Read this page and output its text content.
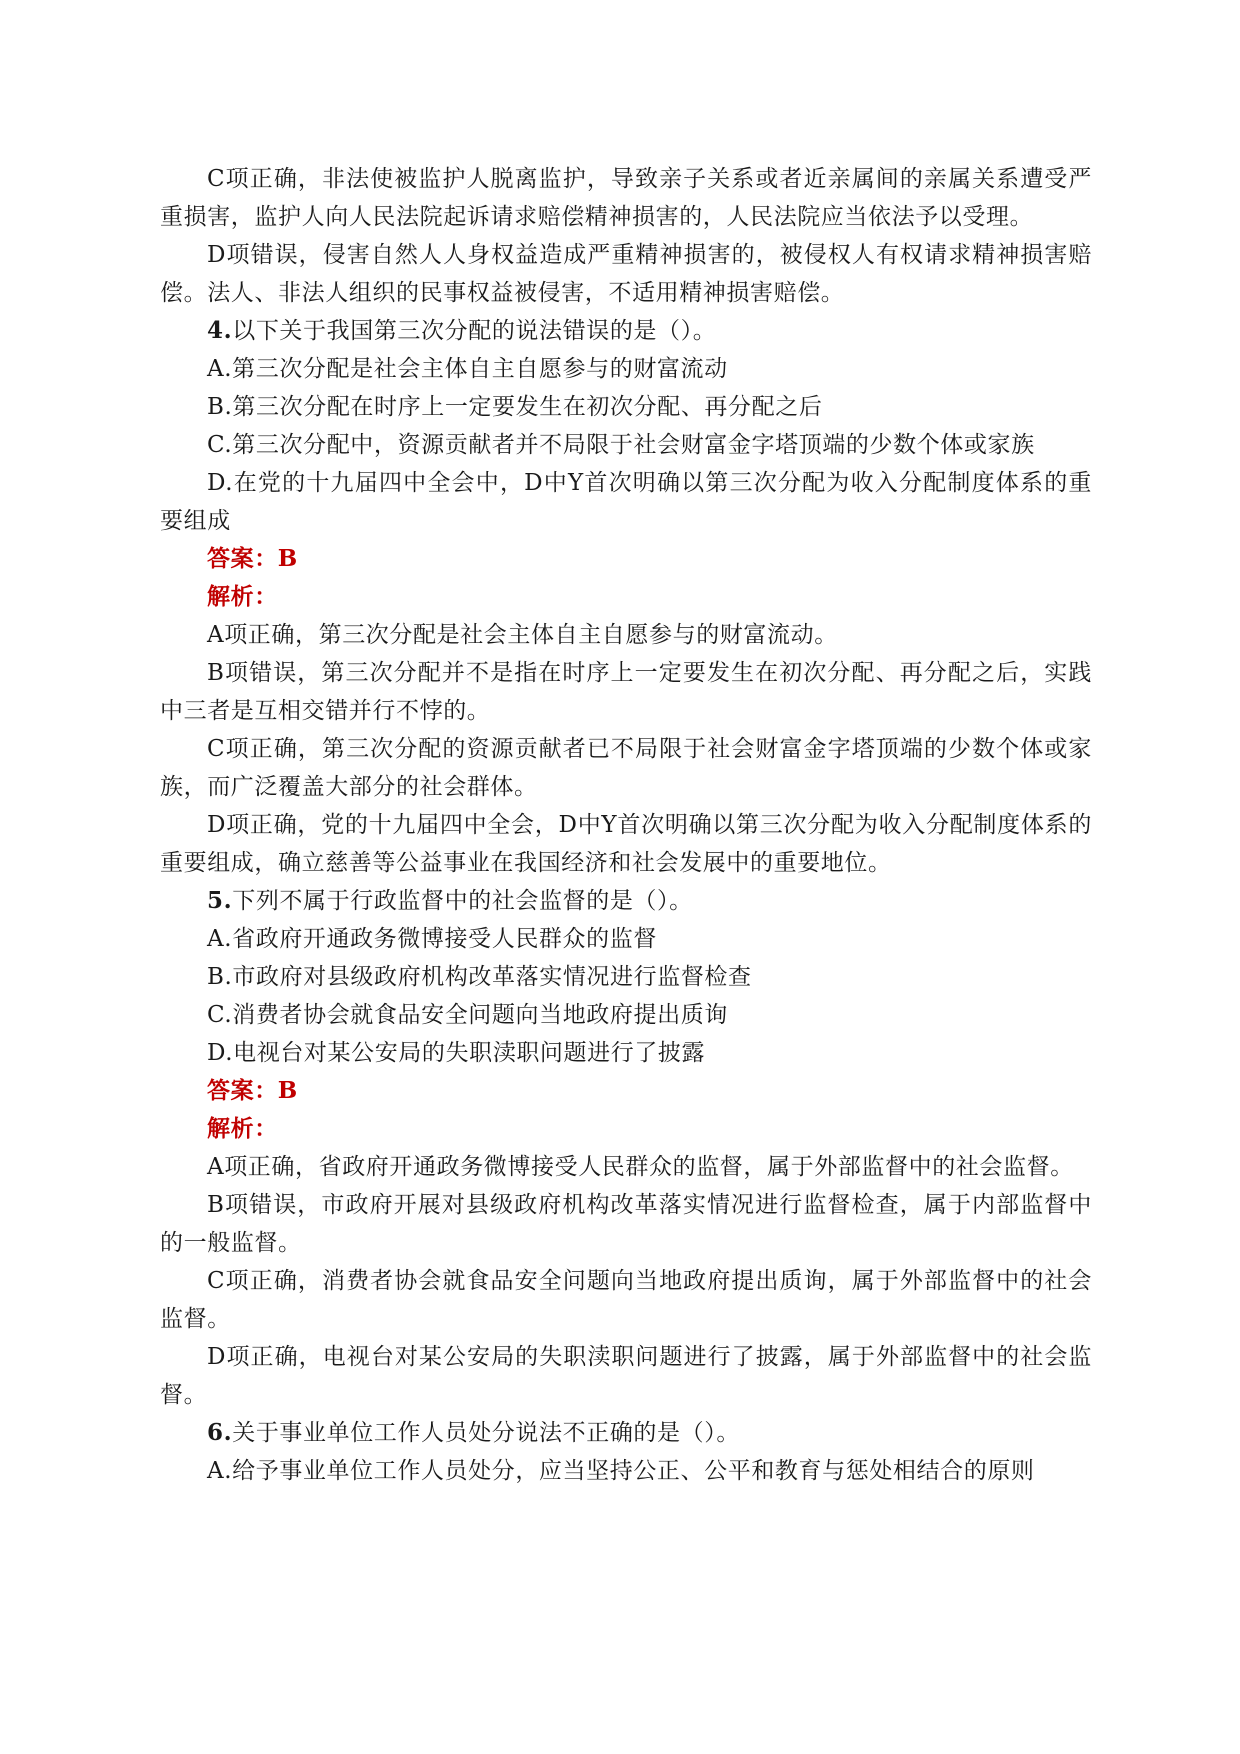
C项正确，非法使被监护人脱离监护，导致亲子关系或者近亲属间的亲属关系遭受严重损害，监护人向人民法院起诉请求赔偿精神损害的，人民法院应当依法予以受理。

D项错误，侵害自然人人身权益造成严重精神损害的，被侵权人有权请求精神损害赔偿。法人、非法人组织的民事权益被侵害，不适用精神损害赔偿。

4.以下关于我国第三次分配的说法错误的是（）。

A.第三次分配是社会主体自主自愿参与的财富流动

B.第三次分配在时序上一定要发生在初次分配、再分配之后

C.第三次分配中，资源贡献者并不局限于社会财富金字塔顶端的少数个体或家族

D.在党的十九届四中全会中，D中Y首次明确以第三次分配为收入分配制度体系的重要组成

答案：B

解析：

A项正确，第三次分配是社会主体自主自愿参与的财富流动。

B项错误，第三次分配并不是指在时序上一定要发生在初次分配、再分配之后，实践中三者是互相交错并行不悖的。

C项正确，第三次分配的资源贡献者已不局限于社会财富金字塔顶端的少数个体或家族，而广泛覆盖大部分的社会群体。

D项正确，党的十九届四中全会，D中Y首次明确以第三次分配为收入分配制度体系的重要组成，确立慈善等公益事业在我国经济和社会发展中的重要地位。

5.下列不属于行政监督中的社会监督的是（）。

A.省政府开通政务微博接受人民群众的监督

B.市政府对县级政府机构改革落实情况进行监督检查

C.消费者协会就食品安全问题向当地政府提出质询

D.电视台对某公安局的失职渎职问题进行了披露

答案：B

解析：

A项正确，省政府开通政务微博接受人民群众的监督，属于外部监督中的社会监督。

B项错误，市政府开展对县级政府机构改革落实情况进行监督检查，属于内部监督中的一般监督。

C项正确，消费者协会就食品安全问题向当地政府提出质询，属于外部监督中的社会监督。

D项正确，电视台对某公安局的失职渎职问题进行了披露，属于外部监督中的社会监督。

6.关于事业单位工作人员处分说法不正确的是（）。

A.给予事业单位工作人员处分，应当坚持公正、公平和教育与惩处相结合的原则
